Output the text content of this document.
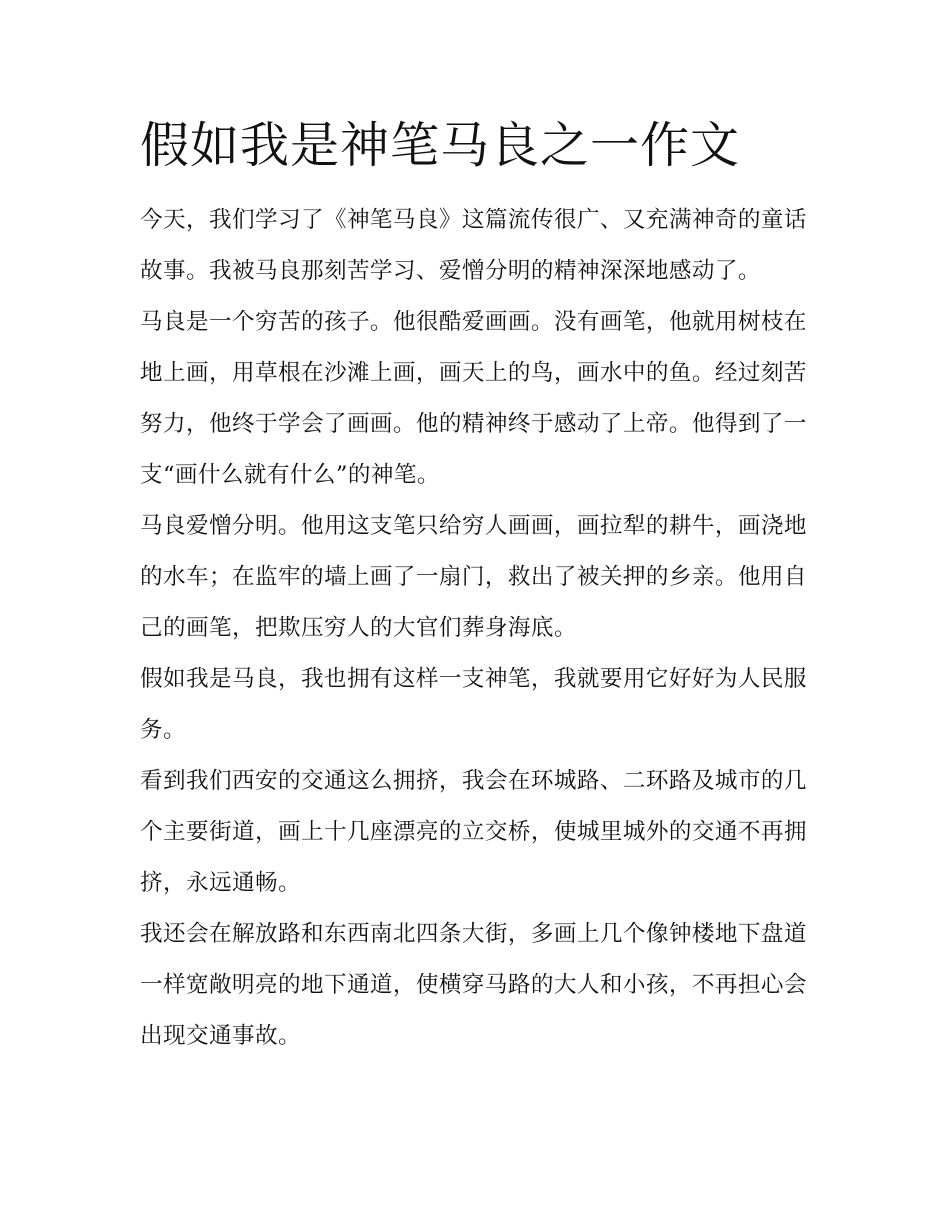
假如我是神笔马良之一作文

今天，我们学习了《神笔马良》这篇流传很广、又充满神奇的童话故事。我被马良那刻苦学习、爱憎分明的精神深深地感动了。

马良是一个穷苦的孩子。他很酷爱画画。没有画笔，他就用树枝在地上画，用草根在沙滩上画，画天上的鸟，画水中的鱼。经过刻苦努力，他终于学会了画画。他的精神终于感动了上帝。他得到了一支“画什么就有什么”的神笔。

马良爱憎分明。他用这支笔只给穷人画画，画拉犁的耕牛，画浇地的水车；在监牢的墙上画了一扇门，救出了被关押的乡亲。他用自己的画笔，把欺压穷人的大官们葬身海底。

假如我是马良，我也拥有这样一支神笔，我就要用它好好为人民服务。

看到我们西安的交通这么拥挤，我会在环城路、二环路及城市的几个主要街道，画上十几座漂亮的立交桥，使城里城外的交通不再拥挤，永远通畅。

我还会在解放路和东西南北四条大街，多画上几个像钟楼地下盘道一样宽敞明亮的地下通道，使横穿马路的大人和小孩，不再担心会出现交通事故。
